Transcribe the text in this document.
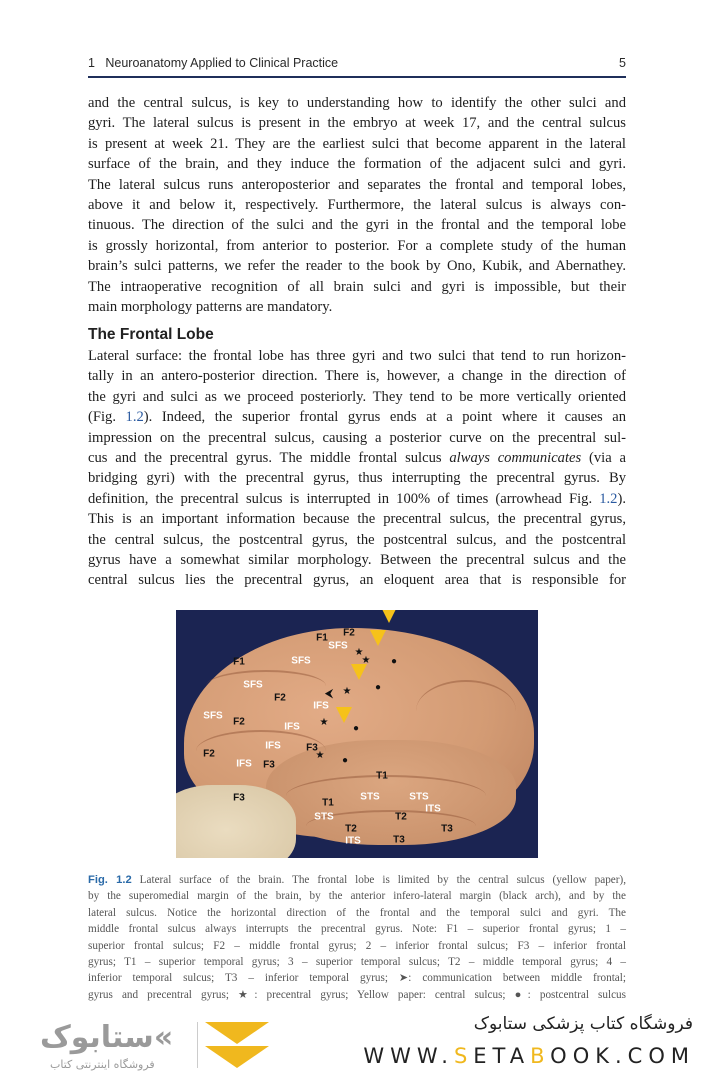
1   Neuroanatomy Applied to Clinical Practice	5
and the central sulcus, is key to understanding how to identify the other sulci and
gyri. The lateral sulcus is present in the embryo at week 17, and the central sulcus
is present at week 21. They are the earliest sulci that become apparent in the lateral
surface of the brain, and they induce the formation of the adjacent sulci and gyri.
The lateral sulcus runs anteroposterior and separates the frontal and temporal lobes,
above it and below it, respectively. Furthermore, the lateral sulcus is always con-
tinuous. The direction of the sulci and the gyri in the frontal and the temporal lobe
is grossly horizontal, from anterior to posterior. For a complete study of the human
brain’s sulci patterns, we refer the reader to the book by Ono, Kubik, and Abernathey.
The intraoperative recognition of all brain sulci and gyri is impossible, but their
main morphology patterns are mandatory.
The Frontal Lobe
Lateral surface: the frontal lobe has three gyri and two sulci that tend to run horizon-
tally in an antero-posterior direction. There is, however, a change in the direction of
the gyri and sulci as we proceed posteriorly. They tend to be more vertically oriented
(Fig. 1.2). Indeed, the superior frontal gyrus ends at a point where it causes an
impression on the precentral sulcus, causing a posterior curve on the precentral sul-
cus and the precentral gyrus. The middle frontal sulcus always communicates (via a
bridging gyri) with the precentral gyrus, thus interrupting the precentral gyrus. By
definition, the precentral sulcus is interrupted in 100% of times (arrowhead Fig. 1.2).
This is an important information because the precentral sulcus, the precentral gyrus,
the central sulcus, the postcentral gyrus, the postcentral sulcus, and the postcentral
gyrus have a somewhat similar morphology. Between the precentral sulcus and the
central sulcus lies the precentral gyrus, an eloquent area that is responsible for
★
★
★
★
★
●
●
●
●
⮜
F1 F2
SFS
SFS
F1
SFS
F2
IFS
SFS
F2	IFS
IFS
F2
F3
IFS F3
F3
T1
STS	STS
ITS
T1
STS	T2
T3
T2
ITS	T3
Fig. 1.2 Lateral surface of the brain. The frontal lobe is limited by the central sulcus (yellow paper),
by the superomedial margin of the brain, by the anterior infero-lateral margin (black arch), and by the
lateral sulcus. Notice the horizontal direction of the frontal and the temporal sulci and gyri. The
middle frontal sulcus always interrupts the precentral gyrus. Note: F1 – superior frontal gyrus; 1 –
superior frontal sulcus; F2 – middle frontal gyrus; 2 – inferior frontal sulcus; F3 – inferior frontal
gyrus; T1 – superior temporal gyrus; 3 – superior temporal sulcus; T2 – middle temporal gyrus; 4 –
inferior temporal sulcus; T3 – inferior temporal gyrus; ➤: communication between middle frontal;
gyrus and precentral gyrus; ★: precentral gyrus; Yellow paper: central sulcus; ●: postcentral sulcus
ستابوک«
فروشگاه اینترنتی کتاب
فروشگاه کتاب پزشکی ستابوک
WWW.SETABOOK.COM
